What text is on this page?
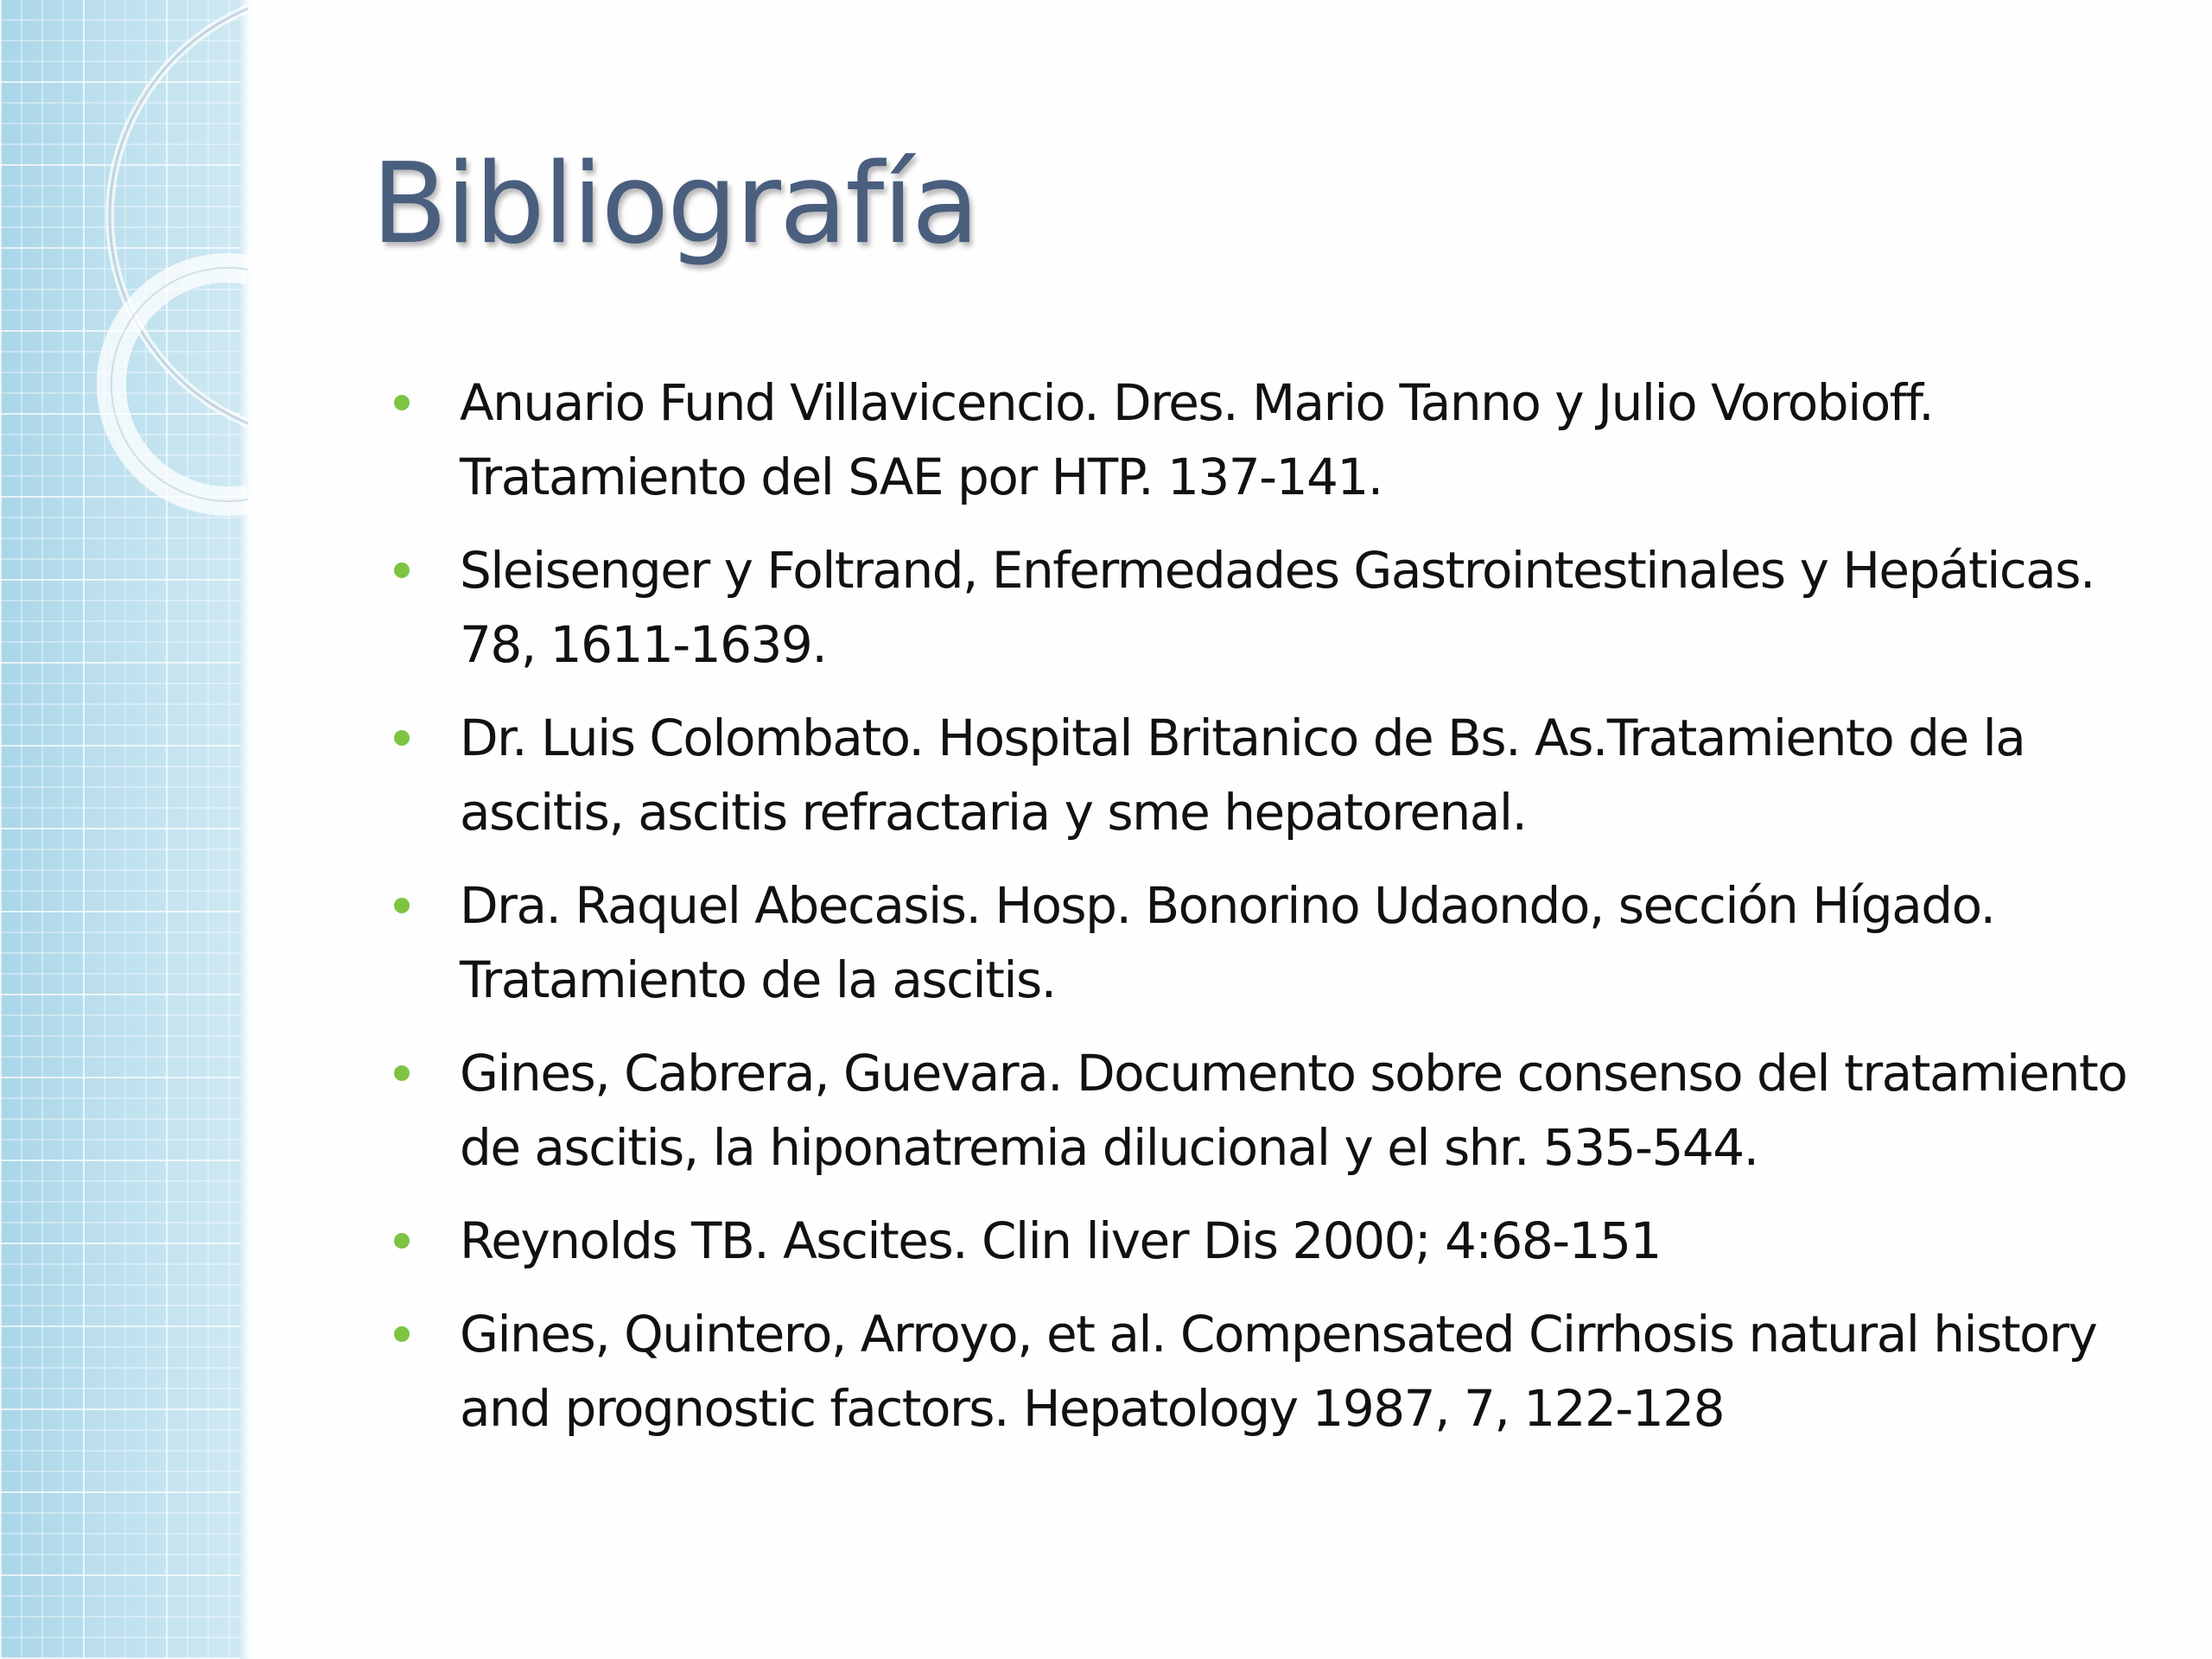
Bibliografía
Anuario Fund Villavicencio. Dres. Mario Tanno y Julio Vorobioff. Tratamiento del SAE por HTP. 137-141.
Sleisenger y Foltrand, Enfermedades Gastrointestinales y Hepáticas. 78, 1611-1639.
Dr. Luis Colombato. Hospital Britanico de Bs. As.Tratamiento de la ascitis, ascitis refractaria y sme hepatorenal.
Dra. Raquel Abecasis. Hosp. Bonorino Udaondo, sección Hígado. Tratamiento de la ascitis.
Gines, Cabrera, Guevara. Documento sobre consenso del tratamiento de ascitis, la hiponatremia dilucional y el shr. 535-544.
Reynolds TB. Ascites. Clin liver Dis 2000; 4:68-151
Gines, Quintero, Arroyo, et al. Compensated Cirrhosis natural history and prognostic factors. Hepatology 1987, 7, 122-128
